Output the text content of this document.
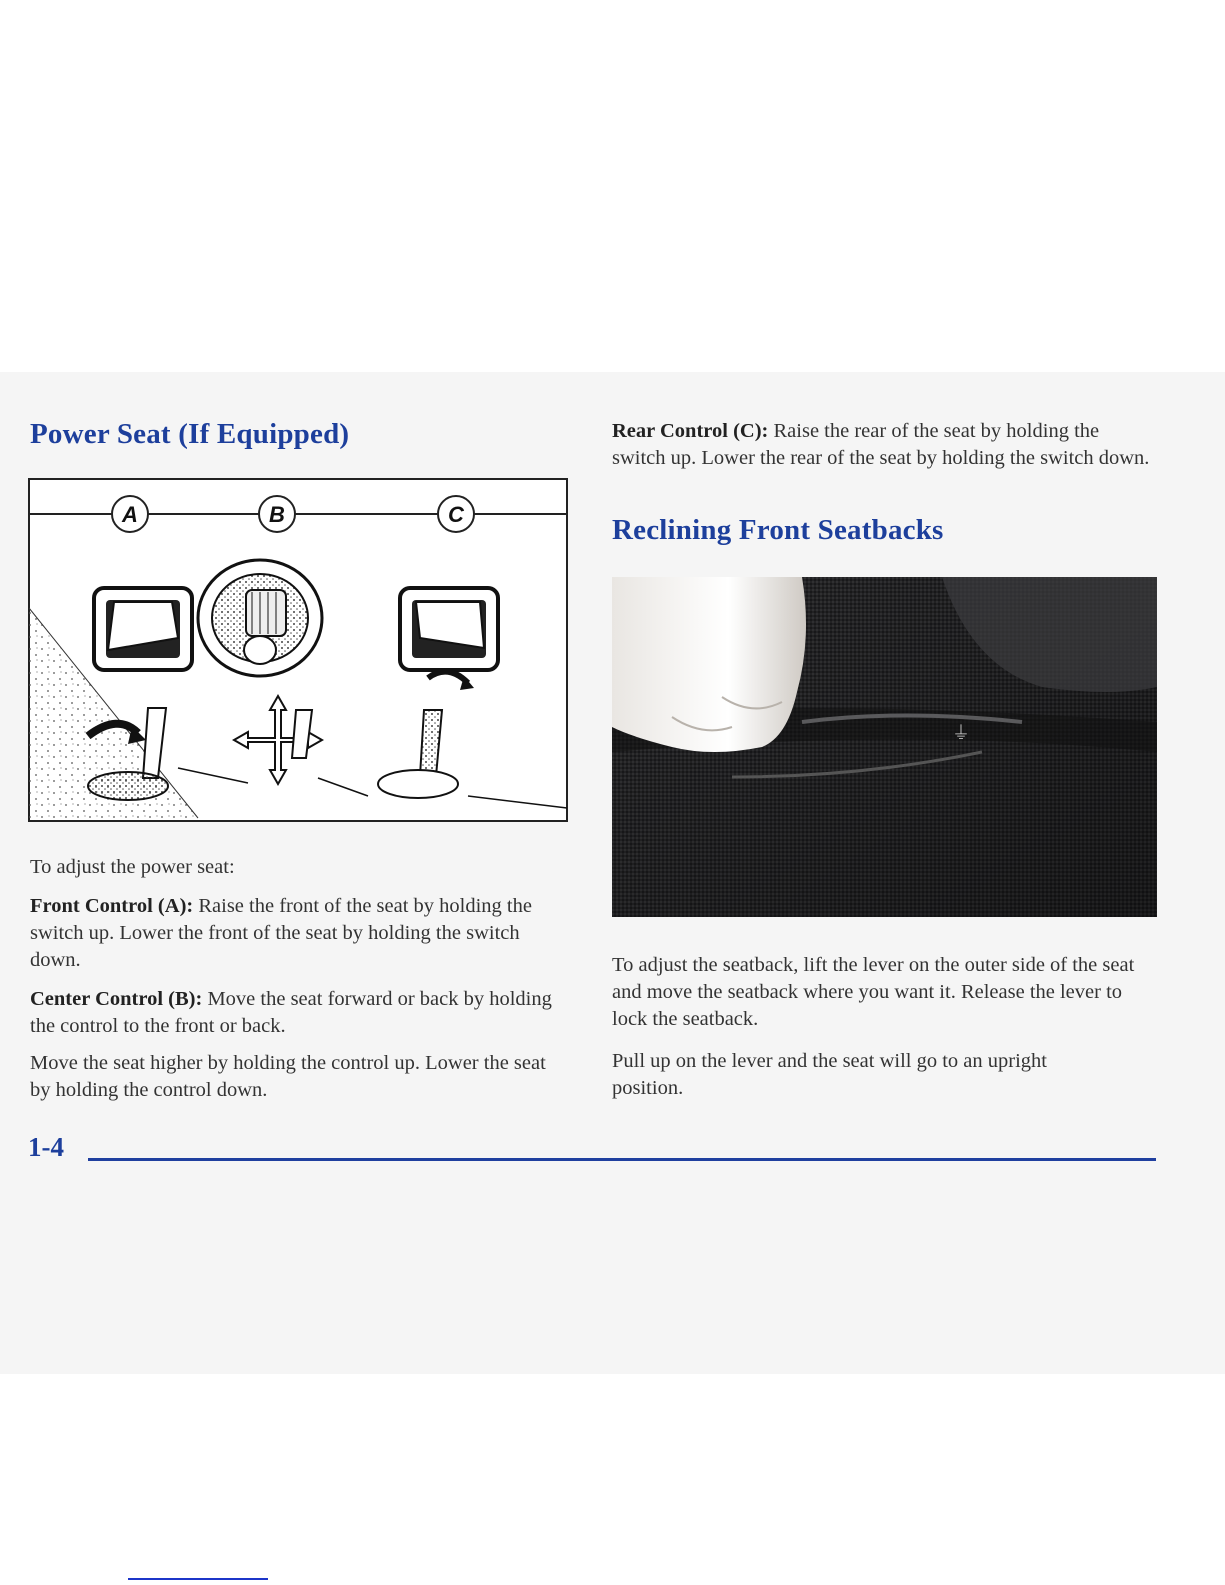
Power Seat (If Equipped)
A	B	C

To adjust the power seat:

Front Control (A): Raise the front of the seat by holding the switch up. Lower the front of the seat by holding the switch down.

Center Control (B): Move the seat forward or back by holding the control to the front or back.

Move the seat higher by holding the control up. Lower the seat by holding the control down.

Rear Control (C): Raise the rear of the seat by holding the switch up. Lower the rear of the seat by holding the switch down.

Reclining Front Seatbacks
⏚

To adjust the seatback, lift the lever on the outer side of the seat and move the seatback where you want it. Release the lever to lock the seatback.

Pull up on the lever and the seat will go to an upright position.

1-4
